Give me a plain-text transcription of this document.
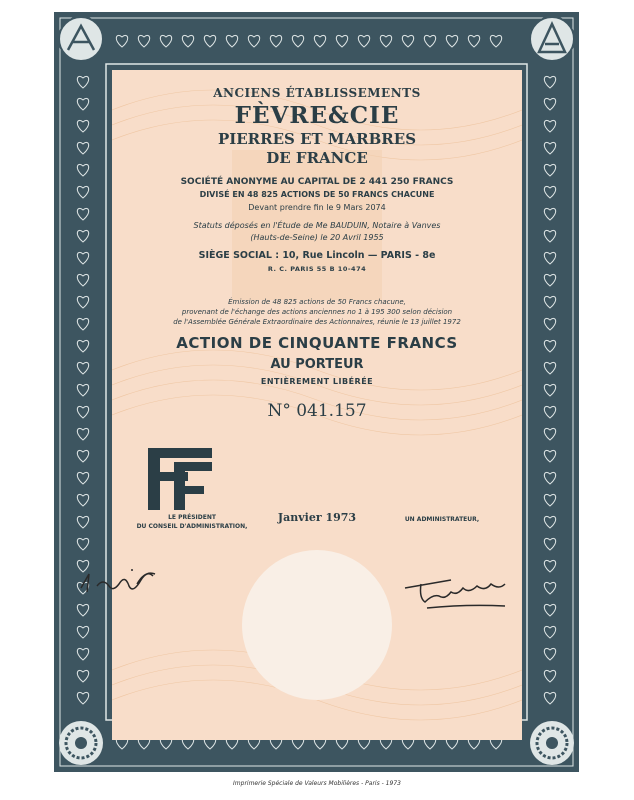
ANCIENS ÉTABLISSEMENTS
FÈVRE&CIE
PIERRES ET MARBRES
DE FRANCE
SOCIÉTÉ ANONYME AU CAPITAL DE 2 441 250 FRANCS
DIVISÉ EN 48 825 ACTIONS DE 50 FRANCS CHACUNE
Devant prendre fin le 9 Mars 2074
Statuts déposés en l'Étude de Me BAUDUIN, Notaire à Vanves
(Hauts-de-Seine) le 20 Avril 1955
SIÈGE SOCIAL : 10, Rue Lincoln — PARIS - 8e
R. C. PARIS 55 B 10-474
Émission de 48 825 actions de 50 Francs chacune,
provenant de l'échange des actions anciennes no 1 à 195 300 selon décision
de l'Assemblée Générale Extraordinaire des Actionnaires, réunie le 13 juillet 1972
ACTION DE CINQUANTE FRANCS
AU PORTEUR
ENTIÈREMENT LIBÉRÉE
N° 041.157
LE PRÉSIDENT
DU CONSEIL D'ADMINISTRATION,
Janvier 1973	UN ADMINISTRATEUR,
Imprimerie Spéciale de Valeurs Mobilières - Paris - 1973
